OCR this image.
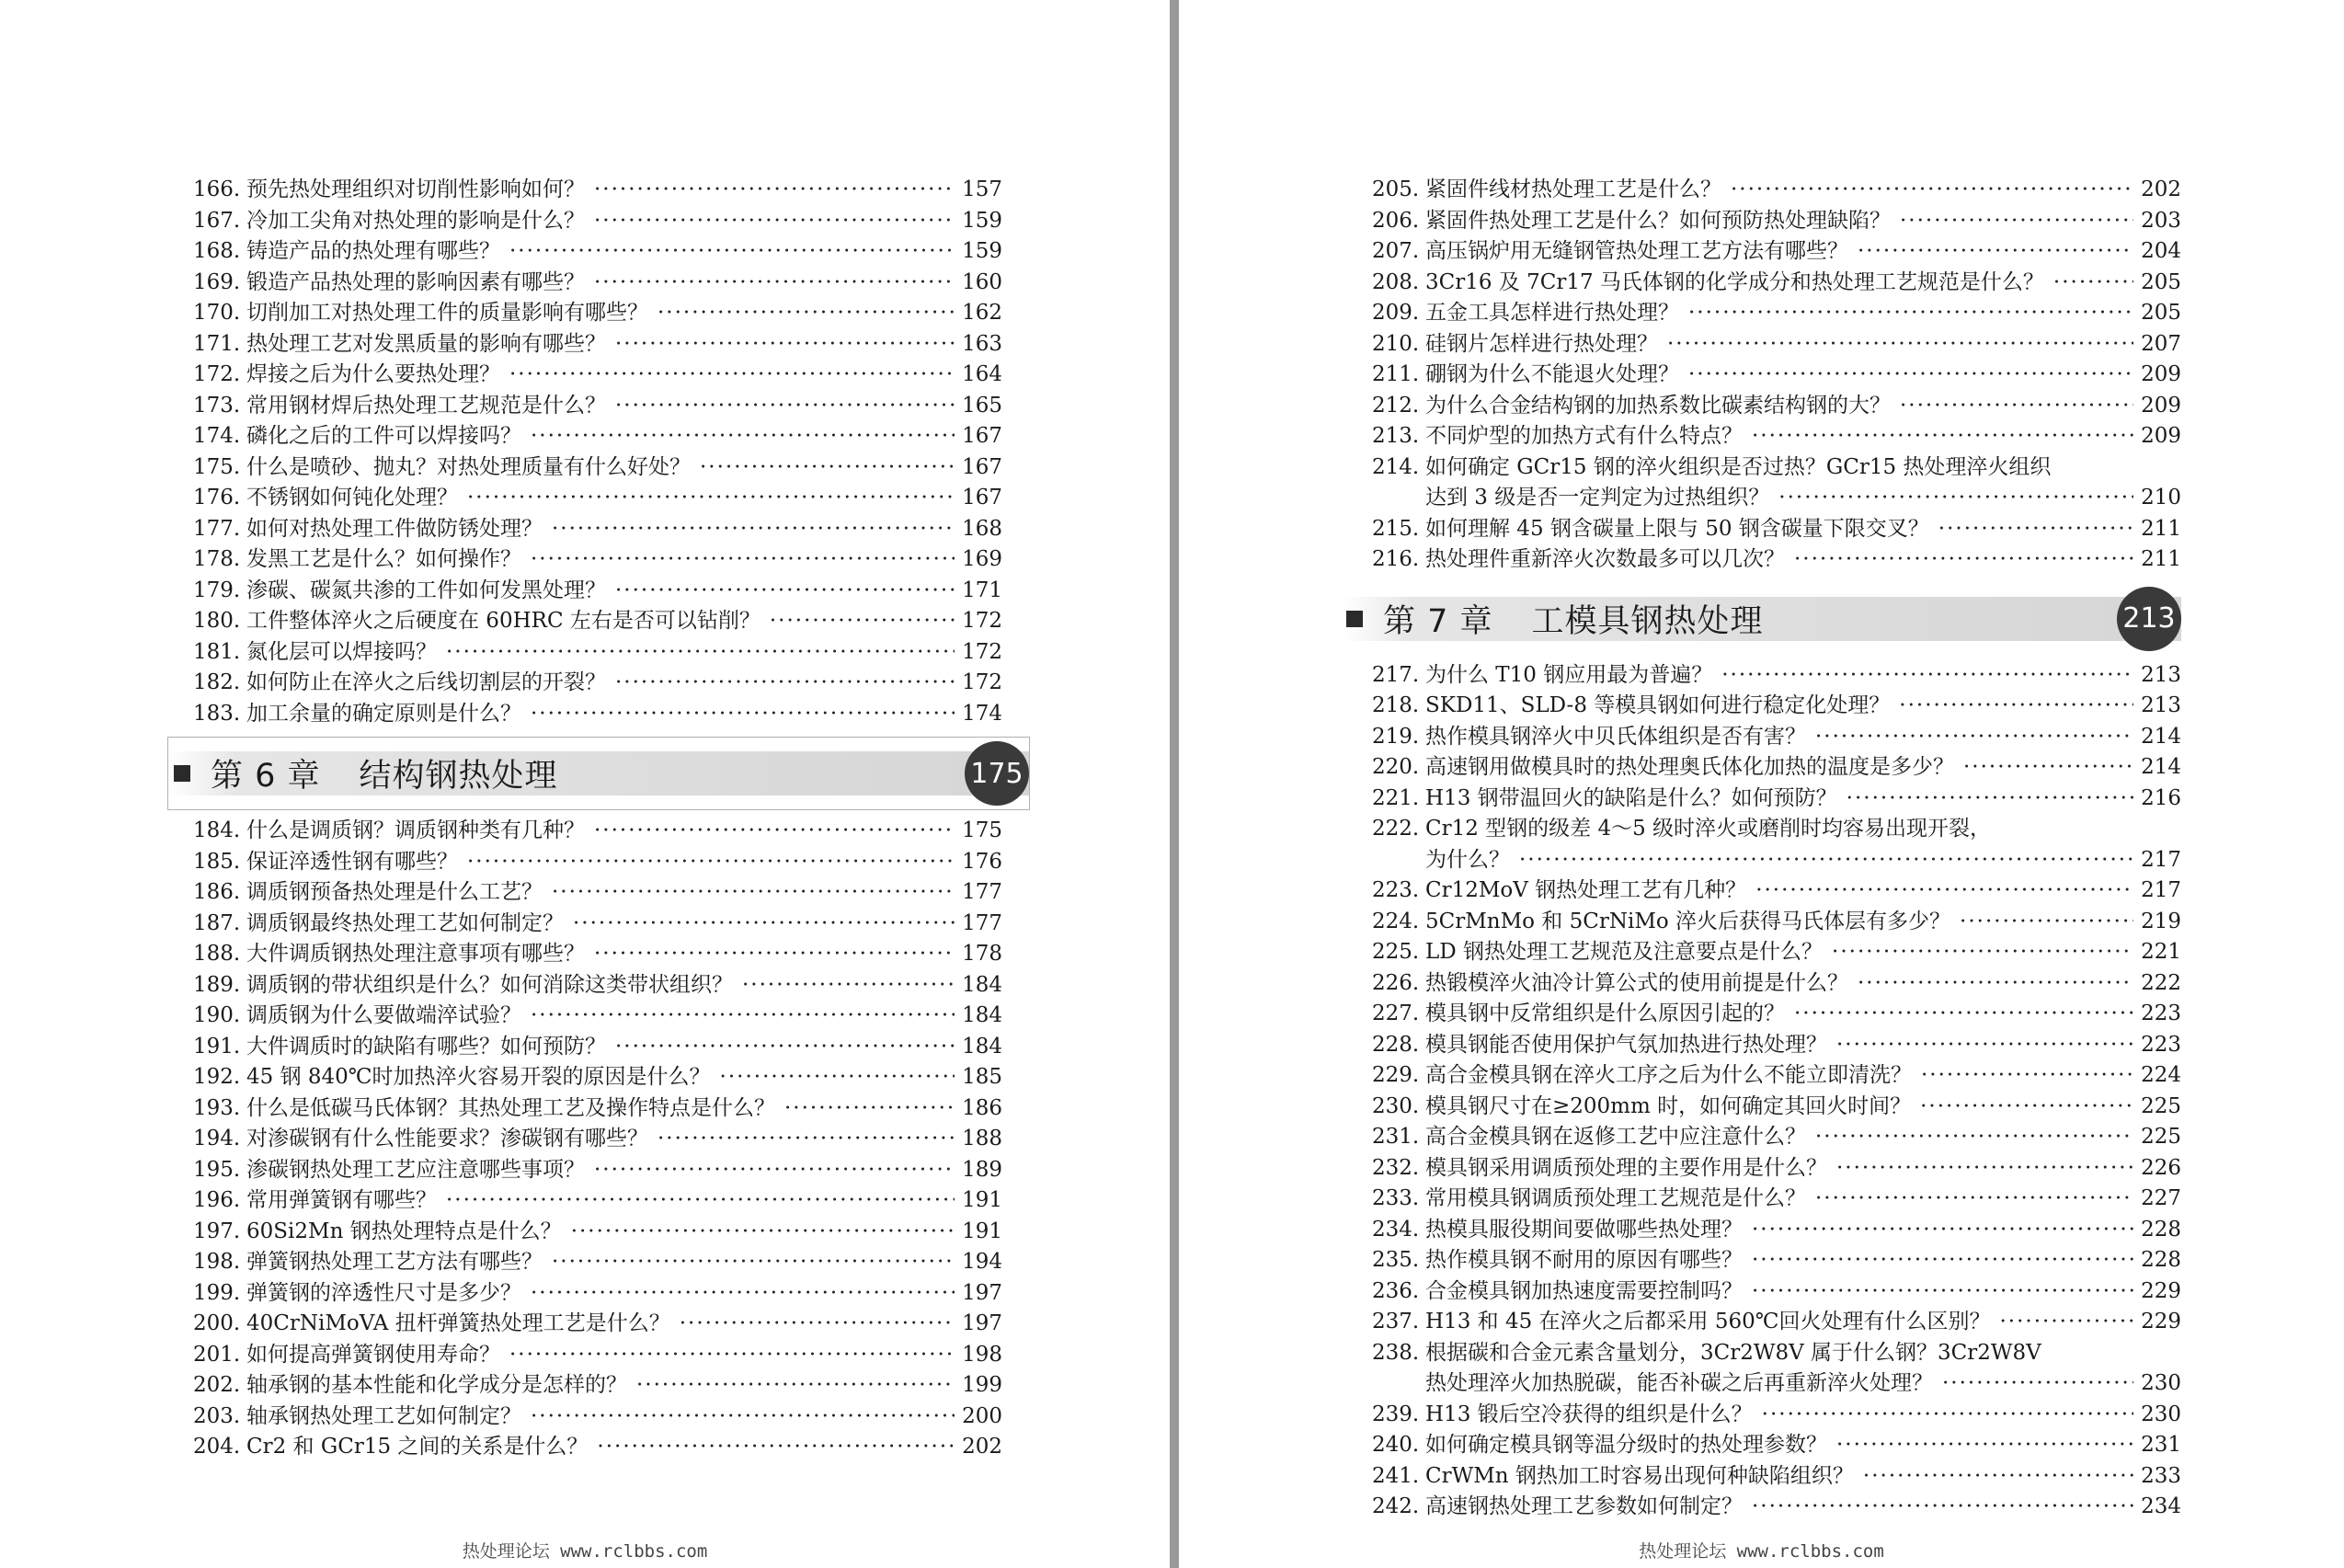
166. 预先热处理组织对切削性影响如何？ ·····	157
167. 冷加工尖角对热处理的影响是什么？ ·····	159
168. 铸造产品的热处理有哪些？ ·····	159
169. 锻造产品热处理的影响因素有哪些？ ·····	160
170. 切削加工对热处理工件的质量影响有哪些？ ·····	162
171. 热处理工艺对发黑质量的影响有哪些？ ·····	163
172. 焊接之后为什么要热处理？ ·····	164
173. 常用钢材焊后热处理工艺规范是什么？ ·····	165
174. 磷化之后的工件可以焊接吗？ ·····	167
175. 什么是喷砂、抛丸？对热处理质量有什么好处？ ·····	167
176. 不锈钢如何钝化处理？ ·····	167
177. 如何对热处理工件做防锈处理？ ·····	168
178. 发黑工艺是什么？如何操作？ ·····	169
179. 渗碳、碳氮共渗的工件如何发黑处理？ ·····	171
180. 工件整体淬火之后硬度在 60HRC 左右是否可以钻削？ ·····	172
181. 氮化层可以焊接吗？ ·····	172
182. 如何防止在淬火之后线切割层的开裂？ ·····	172
183. 加工余量的确定原则是什么？ ·····	174
第 6 章 结构钢热处理	175
184. 什么是调质钢？调质钢种类有几种？ ·····	175
185. 保证淬透性钢有哪些？ ·····	176
186. 调质钢预备热处理是什么工艺？ ·····	177
187. 调质钢最终热处理工艺如何制定？ ·····	177
188. 大件调质钢热处理注意事项有哪些？ ·····	178
189. 调质钢的带状组织是什么？如何消除这类带状组织？ ·····	184
190. 调质钢为什么要做端淬试验？ ·····	184
191. 大件调质时的缺陷有哪些？如何预防？ ·····	184
192. 45 钢 840℃时加热淬火容易开裂的原因是什么？ ·····	185
193. 什么是低碳马氏体钢？其热处理工艺及操作特点是什么？ ·····	186
194. 对渗碳钢有什么性能要求？渗碳钢有哪些？ ·····	188
195. 渗碳钢热处理工艺应注意哪些事项？ ·····	189
196. 常用弹簧钢有哪些？ ·····	191
197. 60Si2Mn 钢热处理特点是什么？ ·····	191
198. 弹簧钢热处理工艺方法有哪些？ ·····	194
199. 弹簧钢的淬透性尺寸是多少？ ·····	197
200. 40CrNiMoVA 扭杆弹簧热处理工艺是什么？ ·····	197
201. 如何提高弹簧钢使用寿命？ ·····	198
202. 轴承钢的基本性能和化学成分是怎样的？ ·····	199
203. 轴承钢热处理工艺如何制定？ ·····	200
204. Cr2 和 GCr15 之间的关系是什么？ ·····	202
热处理论坛 www.rclbbs.com
205. 紧固件线材热处理工艺是什么？ ·····	202
206. 紧固件热处理工艺是什么？如何预防热处理缺陷？ ·····	203
207. 高压锅炉用无缝钢管热处理工艺方法有哪些？ ·····	204
208. 3Cr16 及 7Cr17 马氏体钢的化学成分和热处理工艺规范是什么？ ·····	205
209. 五金工具怎样进行热处理？ ·····	205
210. 硅钢片怎样进行热处理？ ·····	207
211. 硼钢为什么不能退火处理？ ·····	209
212. 为什么合金结构钢的加热系数比碳素结构钢的大？ ·····	209
213. 不同炉型的加热方式有什么特点？ ·····	209
214. 如何确定 GCr15 钢的淬火组织是否过热？GCr15 热处理淬火组织
达到 3 级是否一定判定为过热组织？ ·····	210
215. 如何理解 45 钢含碳量上限与 50 钢含碳量下限交叉？ ·····	211
216. 热处理件重新淬火次数最多可以几次？ ·····	211
第 7 章 工模具钢热处理	213
217. 为什么 T10 钢应用最为普遍？ ·····	213
218. SKD11、SLD-8 等模具钢如何进行稳定化处理？ ·····	213
219. 热作模具钢淬火中贝氏体组织是否有害？ ·····	214
220. 高速钢用做模具时的热处理奥氏体化加热的温度是多少？ ·····	214
221. H13 钢带温回火的缺陷是什么？如何预防？ ·····	216
222. Cr12 型钢的级差 4～5 级时淬火或磨削时均容易出现开裂，
为什么？ ·····	217
223. Cr12MoV 钢热处理工艺有几种？ ·····	217
224. 5CrMnMo 和 5CrNiMo 淬火后获得马氏体层有多少？ ·····	219
225. LD 钢热处理工艺规范及注意要点是什么？ ·····	221
226. 热锻模淬火油冷计算公式的使用前提是什么？ ·····	222
227. 模具钢中反常组织是什么原因引起的？ ·····	223
228. 模具钢能否使用保护气氛加热进行热处理？ ·····	223
229. 高合金模具钢在淬火工序之后为什么不能立即清洗？ ·····	224
230. 模具钢尺寸在≥200mm 时，如何确定其回火时间？ ·····	225
231. 高合金模具钢在返修工艺中应注意什么？ ·····	225
232. 模具钢采用调质预处理的主要作用是什么？ ·····	226
233. 常用模具钢调质预处理工艺规范是什么？ ·····	227
234. 热模具服役期间要做哪些热处理？ ·····	228
235. 热作模具钢不耐用的原因有哪些？ ·····	228
236. 合金模具钢加热速度需要控制吗？ ·····	229
237. H13 和 45 在淬火之后都采用 560℃回火处理有什么区别？ ·····	229
238. 根据碳和合金元素含量划分，3Cr2W8V 属于什么钢？3Cr2W8V
热处理淬火加热脱碳，能否补碳之后再重新淬火处理？ ·····	230
239. H13 锻后空冷获得的组织是什么？ ·····	230
240. 如何确定模具钢等温分级时的热处理参数？ ·····	231
241. CrWMn 钢热加工时容易出现何种缺陷组织？ ·····	233
242. 高速钢热处理工艺参数如何制定？ ·····	234
热处理论坛 www.rclbbs.com
